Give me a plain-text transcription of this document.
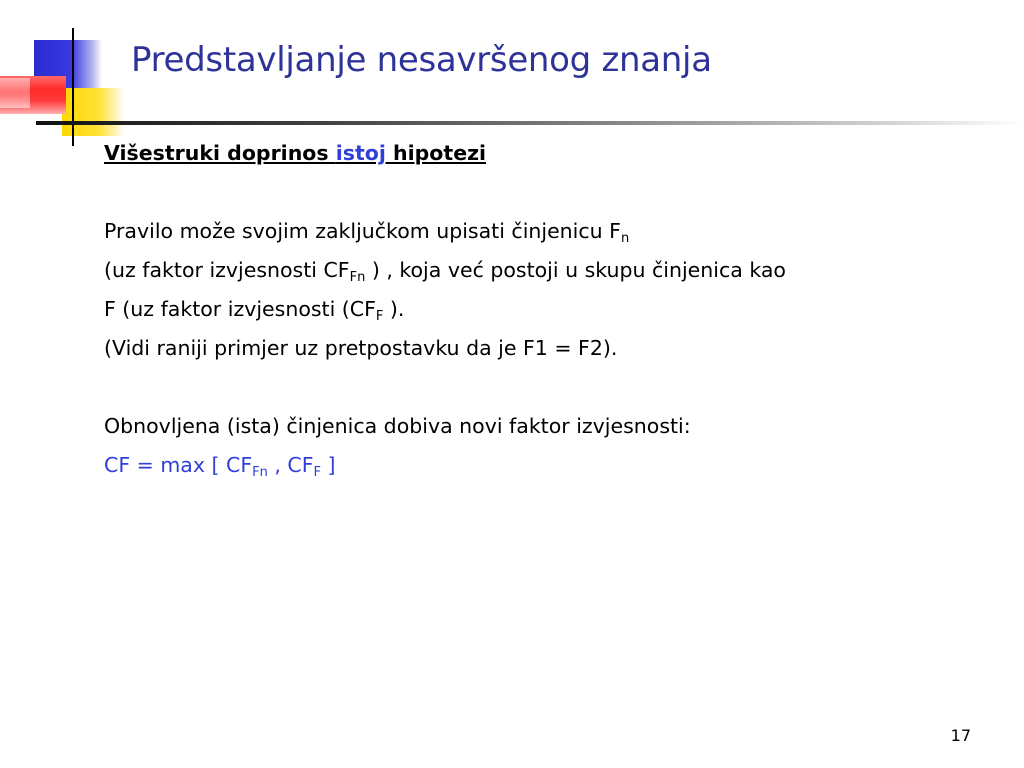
Predstavljanje nesavršenog znanja
Višestruki doprinos istoj hipotezi
Pravilo može svojim zaključkom upisati činjenicu $F_n$
(uz faktor izvjesnosti $CF_{Fn}$ ) , koja već postoji u skupu činjenica kao
F (uz faktor izvjesnosti ($CF_F$ ).
(Vidi raniji primjer uz pretpostavku da je F1 = F2).
Obnovljena (ista) činjenica dobiva novi faktor izvjesnosti:
CF = max [ $CF_{Fn}$ , $CF_F$ ]
17
